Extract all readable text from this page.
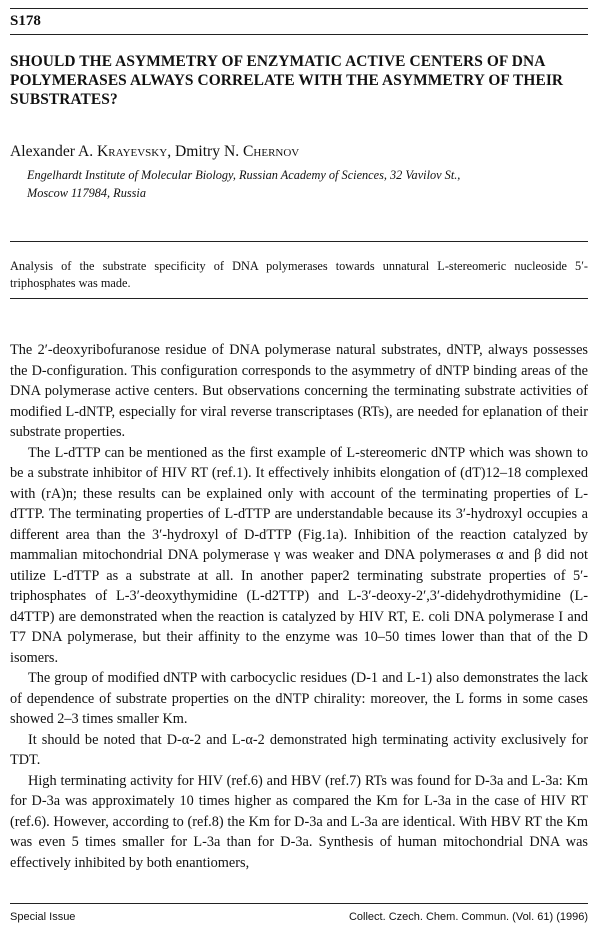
S178
SHOULD THE ASYMMETRY OF ENZYMATIC ACTIVE CENTERS OF DNA POLYMERASES ALWAYS CORRELATE WITH THE ASYMMETRY OF THEIR SUBSTRATES?
Alexander A. Krayevsky, Dmitry N. Chernov
Engelhardt Institute of Molecular Biology, Russian Academy of Sciences, 32 Vavilov St.,
Moscow 117984, Russia
Analysis of the substrate specificity of DNA polymerases towards unnatural L-stereomeric nucleoside 5′-triphosphates was made.

The 2′-deoxyribofuranose residue of DNA polymerase natural substrates, dNTP, always possesses the D-configuration. This configuration corresponds to the asymmetry of dNTP binding areas of the DNA polymerase active centers. But observations concerning the terminating substrate activities of modified L-dNTP, especially for viral reverse transcriptases (RTs), are needed for eplanation of their substrate properties.

The L-dTTP can be mentioned as the first example of L-stereomeric dNTP which was shown to be a substrate inhibitor of HIV RT (ref.1). It effectively inhibits elongation of (dT)12–18 complexed with (rA)n; these results can be explained only with account of the terminating properties of L-dTTP. The terminating properties of L-dTTP are understandable because its 3′-hydroxyl occupies a different area than the 3′-hydroxyl of D-dTTP (Fig.1a). Inhibition of the reaction catalyzed by mammalian mitochondrial DNA polymerase γ was weaker and DNA polymerases α and β did not utilize L-dTTP as a substrate at all. In another paper2 terminating substrate properties of 5′-triphosphates of L-3′-deoxythymidine (L-d2TTP) and L-3′-deoxy-2′,3′-didehydrothymidine (L-d4TTP) are demonstrated when the reaction is catalyzed by HIV RT, E. coli DNA polymerase I and T7 DNA polymerase, but their affinity to the enzyme was 10–50 times lower than that of the D isomers.

The group of modified dNTP with carbocyclic residues (D-1 and L-1) also demonstrates the lack of dependence of substrate properties on the dNTP chirality: moreover, the L forms in some cases showed 2–3 times smaller Km.

It should be noted that D-α-2 and L-α-2 demonstrated high terminating activity exclusively for TDT.

High terminating activity for HIV (ref.6) and HBV (ref.7) RTs was found for D-3a and L-3a: Km for D-3a was approximately 10 times higher as compared the Km for L-3a in the case of HIV RT (ref.6). However, according to (ref.8) the Km for D-3a and L-3a are identical. With HBV RT the Km was even 5 times smaller for L-3a than for D-3a. Synthesis of human mitochondrial DNA was effectively inhibited by both enantiomers,

Special Issue	Collect. Czech. Chem. Commun. (Vol. 61) (1996)
